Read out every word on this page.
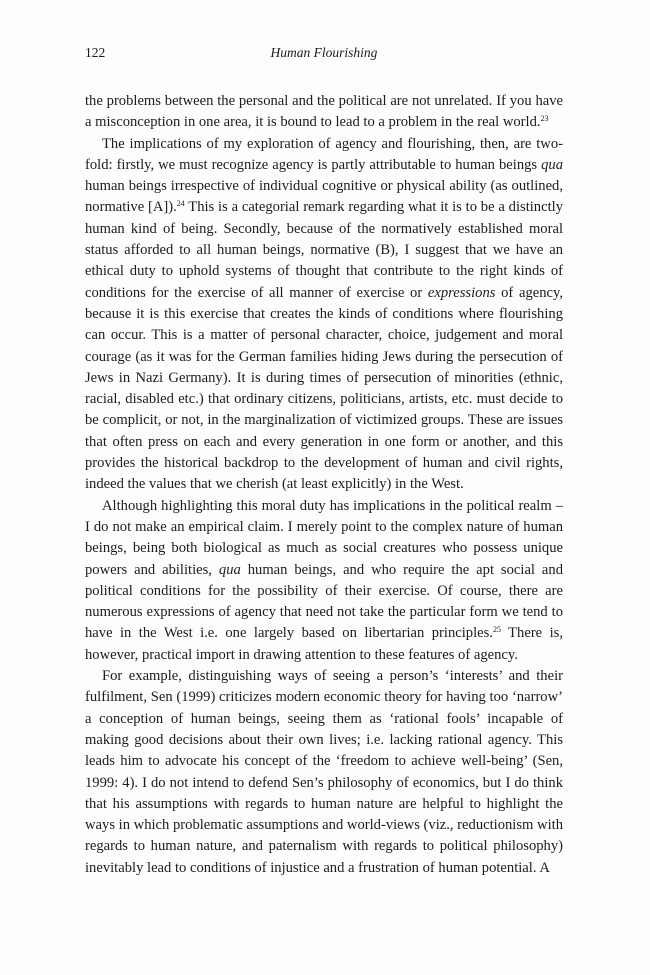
122	Human Flourishing

the problems between the personal and the political are not unrelated. If you have a misconception in one area, it is bound to lead to a problem in the real world.$^{23}$

The implications of my exploration of agency and flourishing, then, are two-fold: firstly, we must recognize agency is partly attributable to human beings qua human beings irrespective of individual cognitive or physical ability (as outlined, normative [A]).$^{24}$ This is a categorial remark regarding what it is to be a distinctly human kind of being. Secondly, because of the normatively established moral status afforded to all human beings, normative (B), I suggest that we have an ethical duty to uphold systems of thought that contribute to the right kinds of conditions for the exercise of all manner of exercise or expressions of agency, because it is this exercise that creates the kinds of conditions where flourishing can occur. This is a matter of personal character, choice, judgement and moral courage (as it was for the German families hiding Jews during the persecution of Jews in Nazi Germany). It is during times of persecution of minorities (ethnic, racial, disabled etc.) that ordinary citizens, politicians, artists, etc. must decide to be complicit, or not, in the marginalization of victimized groups. These are issues that often press on each and every generation in one form or another, and this provides the historical backdrop to the development of human and civil rights, indeed the values that we cherish (at least explicitly) in the West.

Although highlighting this moral duty has implications in the political realm – I do not make an empirical claim. I merely point to the complex nature of human beings, being both biological as much as social creatures who possess unique powers and abilities, qua human beings, and who require the apt social and political conditions for the possibility of their exercise. Of course, there are numerous expressions of agency that need not take the particular form we tend to have in the West i.e. one largely based on libertarian principles.$^{25}$ There is, however, practical import in drawing attention to these features of agency.

For example, distinguishing ways of seeing a person’s ‘interests’ and their fulfilment, Sen (1999) criticizes modern economic theory for having too ‘narrow’ a conception of human beings, seeing them as ‘rational fools’ incapable of making good decisions about their own lives; i.e. lacking rational agency. This leads him to advocate his concept of the ‘freedom to achieve well-being’ (Sen, 1999: 4). I do not intend to defend Sen’s philosophy of economics, but I do think that his assumptions with regards to human nature are helpful to highlight the ways in which problematic assumptions and world-views (viz., reductionism with regards to human nature, and paternalism with regards to political philosophy) inevitably lead to conditions of injustice and a frustration of human potential. A
